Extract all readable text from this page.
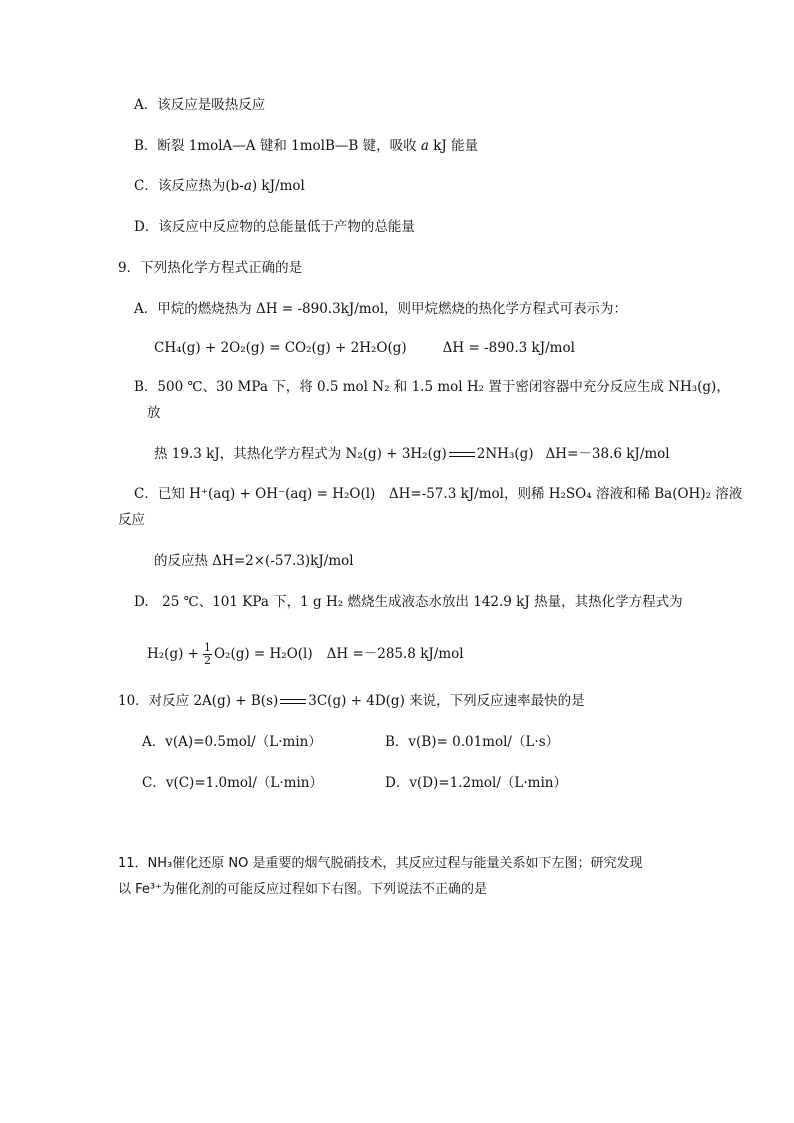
A．该反应是吸热反应
B．断裂 1molA—A 键和 1molB—B 键，吸收 a kJ 能量
C．该反应热为(b-a) kJ/mol
D．该反应中反应物的总能量低于产物的总能量
9．下列热化学方程式正确的是
A．甲烷的燃烧热为 ΔH = -890.3kJ/mol，则甲烷燃烧的热化学方程式可表示为：
CH₄(g) + 2O₂(g) = CO₂(g) + 2H₂O(g)	ΔH = -890.3 kJ/mol
B．500 ℃、30 MPa 下，将 0.5 mol N₂ 和 1.5 mol H₂ 置于密闭容器中充分反应生成 NH₃(g)，
放
热 19.3 kJ，其热化学方程式为 N₂(g) + 3H₂(g) 2NH₃(g) ΔH=－38.6 kJ/mol
C．已知 H⁺(aq) + OH⁻(aq) = H₂O(l)　ΔH=-57.3 kJ/mol，则稀 H₂SO₄ 溶液和稀 Ba(OH)₂ 溶液
反应
的反应热 ΔH=2×(-57.3)kJ/mol
D.　25 ℃、101 KPa 下，1 g H₂ 燃烧生成液态水放出 142.9 kJ 热量，其热化学方程式为
$H_2(g) + \frac{1}{2} O_2(g) = H_2O(l)$ ΔH =－285.8 kJ/mol
10．对反应 2A(g) + B(s) 3C(g) + 4D(g) 来说，下列反应速率最快的是
A．v(A)=0.5mol/（L·min）	B．v(B)= 0.01mol/（L·s）
C．v(C)=1.0mol/（L·min）	D．v(D)=1.2mol/（L·min）
11．NH₃催化还原 NO 是重要的烟气脱硝技术，其反应过程与能量关系如下左图；研究发现
以 Fe³⁺为催化剂的可能反应过程如下右图。下列说法不正确的是
